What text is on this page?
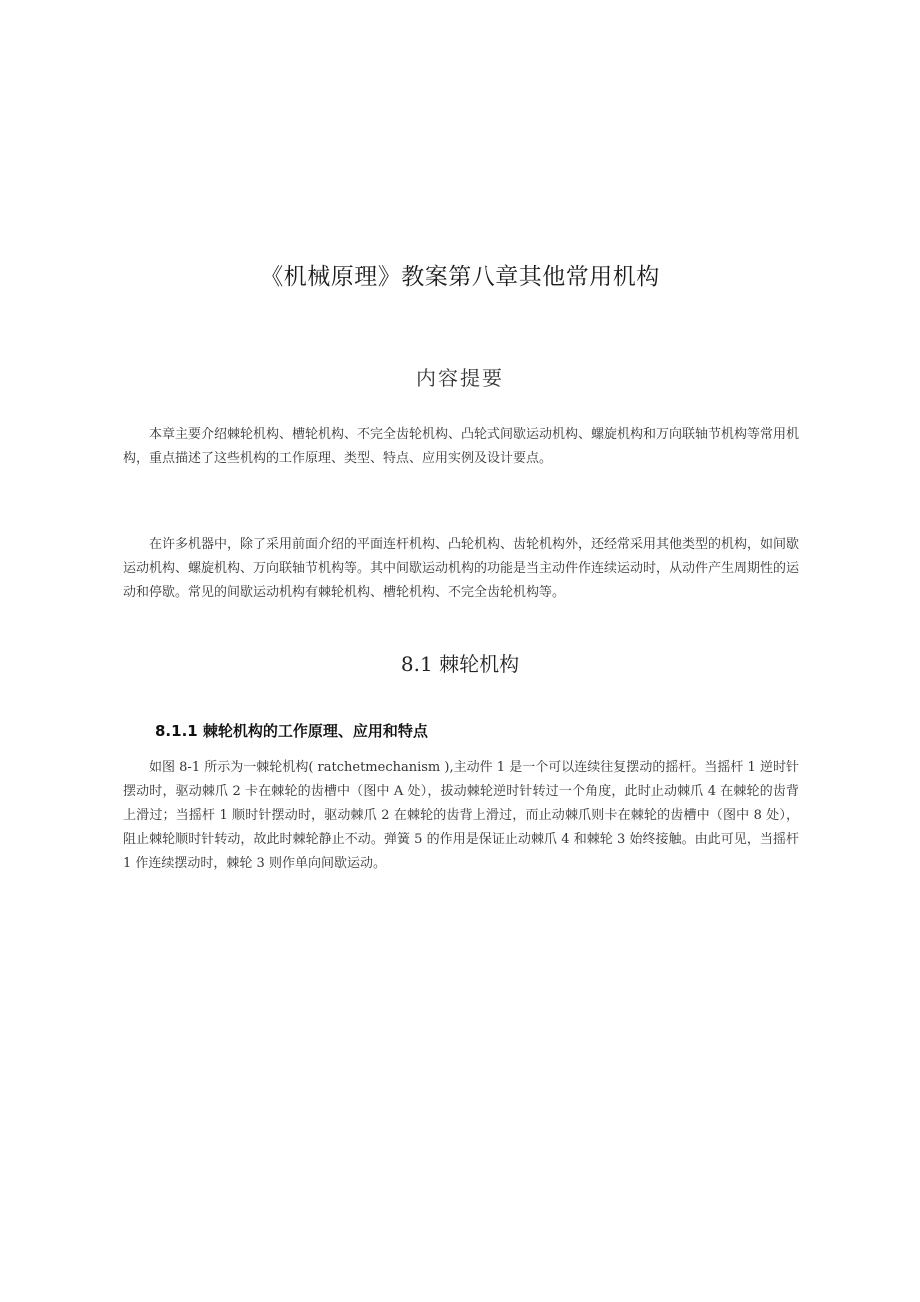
《机械原理》教案第八章其他常用机构
内容提要

本章主要介绍棘轮机构、槽轮机构、不完全齿轮机构、凸轮式间歇运动机构、螺旋机构和万向联轴节机构等常用机构，重点描述了这些机构的工作原理、类型、特点、应用实例及设计要点。

在许多机器中，除了采用前面介绍的平面连杆机构、凸轮机构、齿轮机构外，还经常采用其他类型的机构，如间歇运动机构、螺旋机构、万向联轴节机构等。其中间歇运动机构的功能是当主动件作连续运动时，从动件产生周期性的运动和停歇。常见的间歇运动机构有棘轮机构、槽轮机构、不完全齿轮机构等。

8.1 棘轮机构
8.1.1 棘轮机构的工作原理、应用和特点

如图 8-1 所示为一棘轮机构( ratchetmechanism ),主动件 1 是一个可以连续往复摆动的摇杆。当摇杆 1 逆时针摆动时，驱动棘爪 2 卡在棘轮的齿槽中（图中 A 处），拔动棘轮逆时针转过一个角度，此时止动棘爪 4 在棘轮的齿背上滑过；当摇杆 1 顺时针摆动时，驱动棘爪 2 在棘轮的齿背上滑过，而止动棘爪则卡在棘轮的齿槽中（图中 8 处），阻止棘轮顺时针转动，故此时棘轮静止不动。弹簧 5 的作用是保证止动棘爪 4 和棘轮 3 始终接触。由此可见，当摇杆 1 作连续摆动时，棘轮 3 则作单向间歇运动。
